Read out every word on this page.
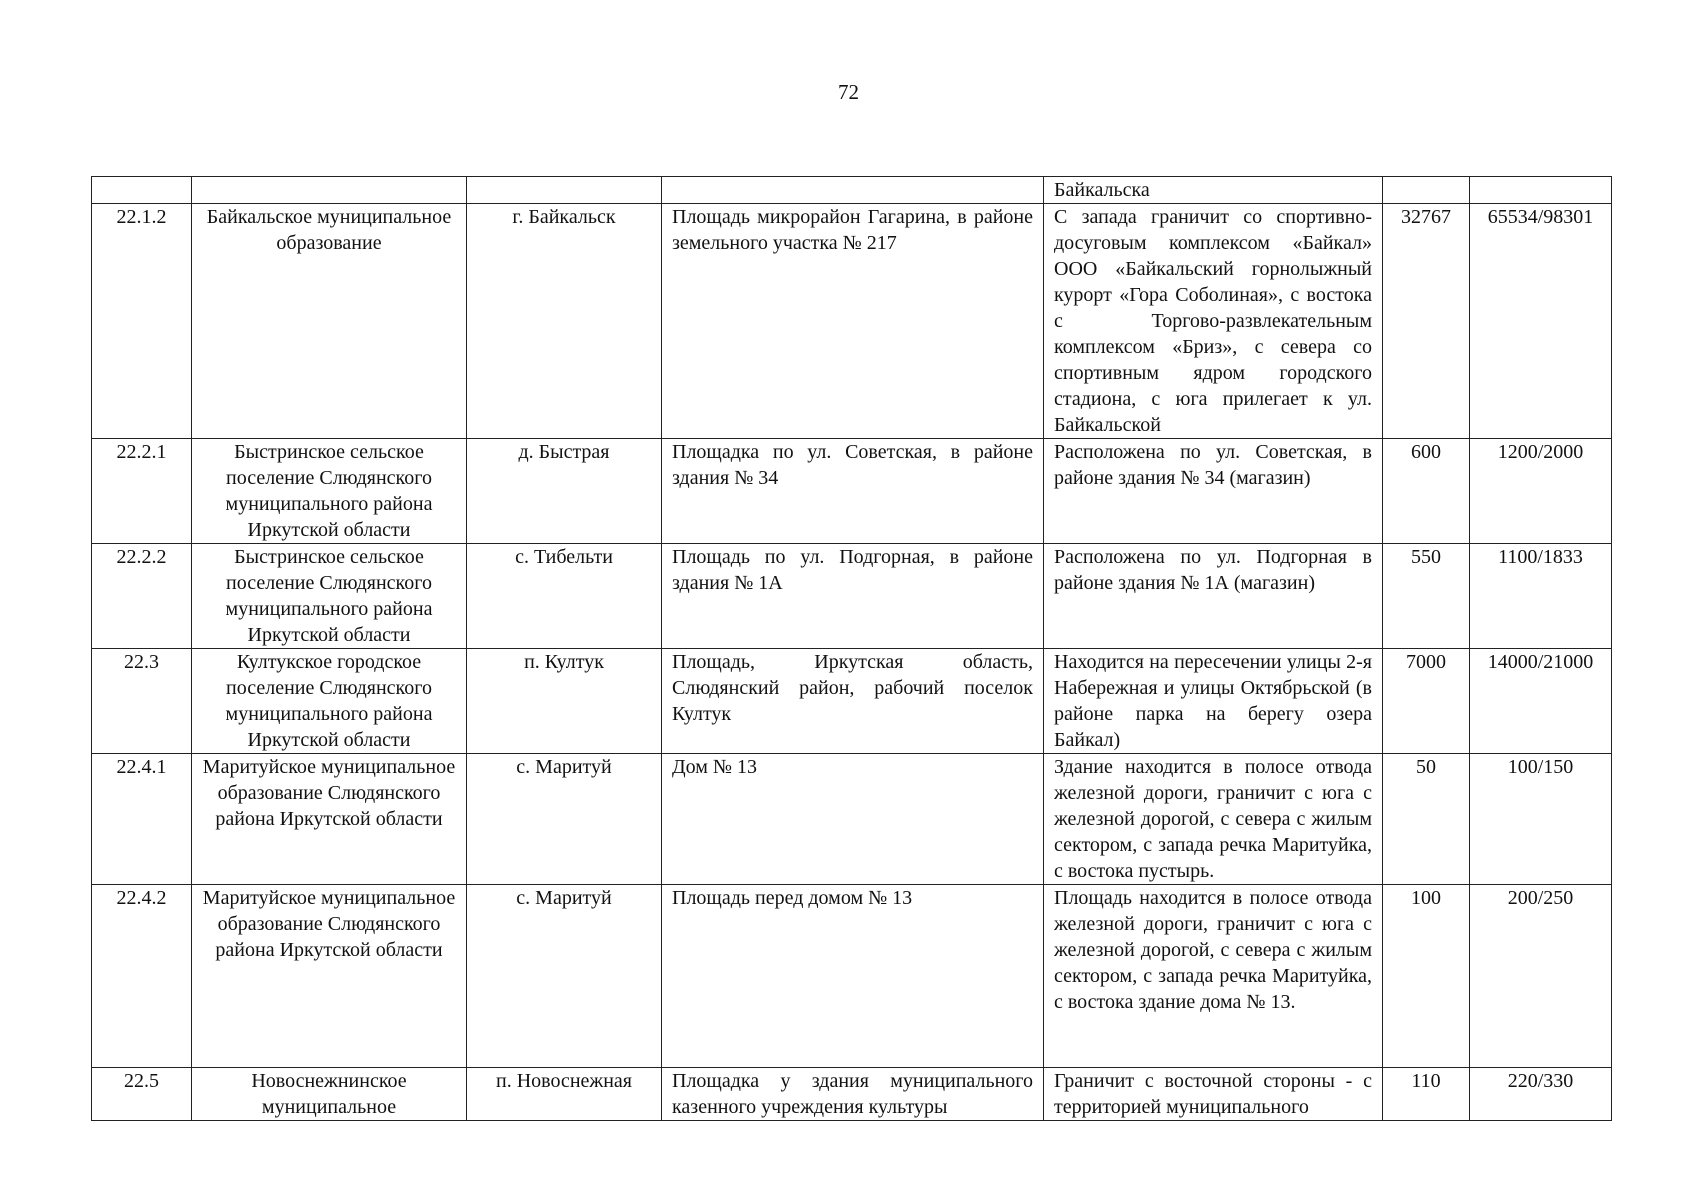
72
				Байкальска		
22.1.2	Байкальское муниципальное образование	г. Байкальск	Площадь микрорайон Гагарина, в районе земельного участка № 217	С запада граничит со спортивно-досуговым комплексом «Байкал» ООО «Байкальский горнолыжный курорт «Гора Соболиная», с востока с Торгово-развлекательным комплексом «Бриз», с севера со спортивным ядром городского стадиона, с юга прилегает к ул. Байкальской	32767	65534/98301
22.2.1	Быстринское сельское поселение Слюдянского муниципального района Иркутской области	д. Быстрая	Площадка по ул. Советская, в районе здания № 34	Расположена по ул. Советская, в районе здания № 34 (магазин)	600	1200/2000
22.2.2	Быстринское сельское поселение Слюдянского муниципального района Иркутской области	с. Тибельти	Площадь по ул. Подгорная, в районе здания № 1А	Расположена по ул. Подгорная в районе здания № 1А (магазин)	550	1100/1833
22.3	Култукское городское поселение Слюдянского муниципального района Иркутской области	п. Култук	Площадь, Иркутская область, Слюдянский район, рабочий поселок Култук	Находится на пересечении улицы 2-я Набережная и улицы Октябрьской (в районе парка на берегу озера Байкал)	7000	14000/21000
22.4.1	Маритуйское муниципальное образование Слюдянского района Иркутской области	с. Маритуй	Дом № 13	Здание находится в полосе отвода железной дороги, граничит с юга с железной дорогой, с севера с жилым сектором, с запада речка Маритуйка, с востока пустырь.	50	100/150
22.4.2	Маритуйское муниципальное образование Слюдянского района Иркутской области	с. Маритуй	Площадь перед домом № 13	Площадь находится в полосе отвода железной дороги, граничит с юга с железной дорогой, с севера с жилым сектором, с запада речка Маритуйка, с востока здание дома № 13.	100	200/250
22.5	Новоснежнинское муниципальное	п. Новоснежная	Площадка у здания муниципального казенного учреждения культуры	Граничит с восточной стороны - с территорией муниципального	110	220/330
